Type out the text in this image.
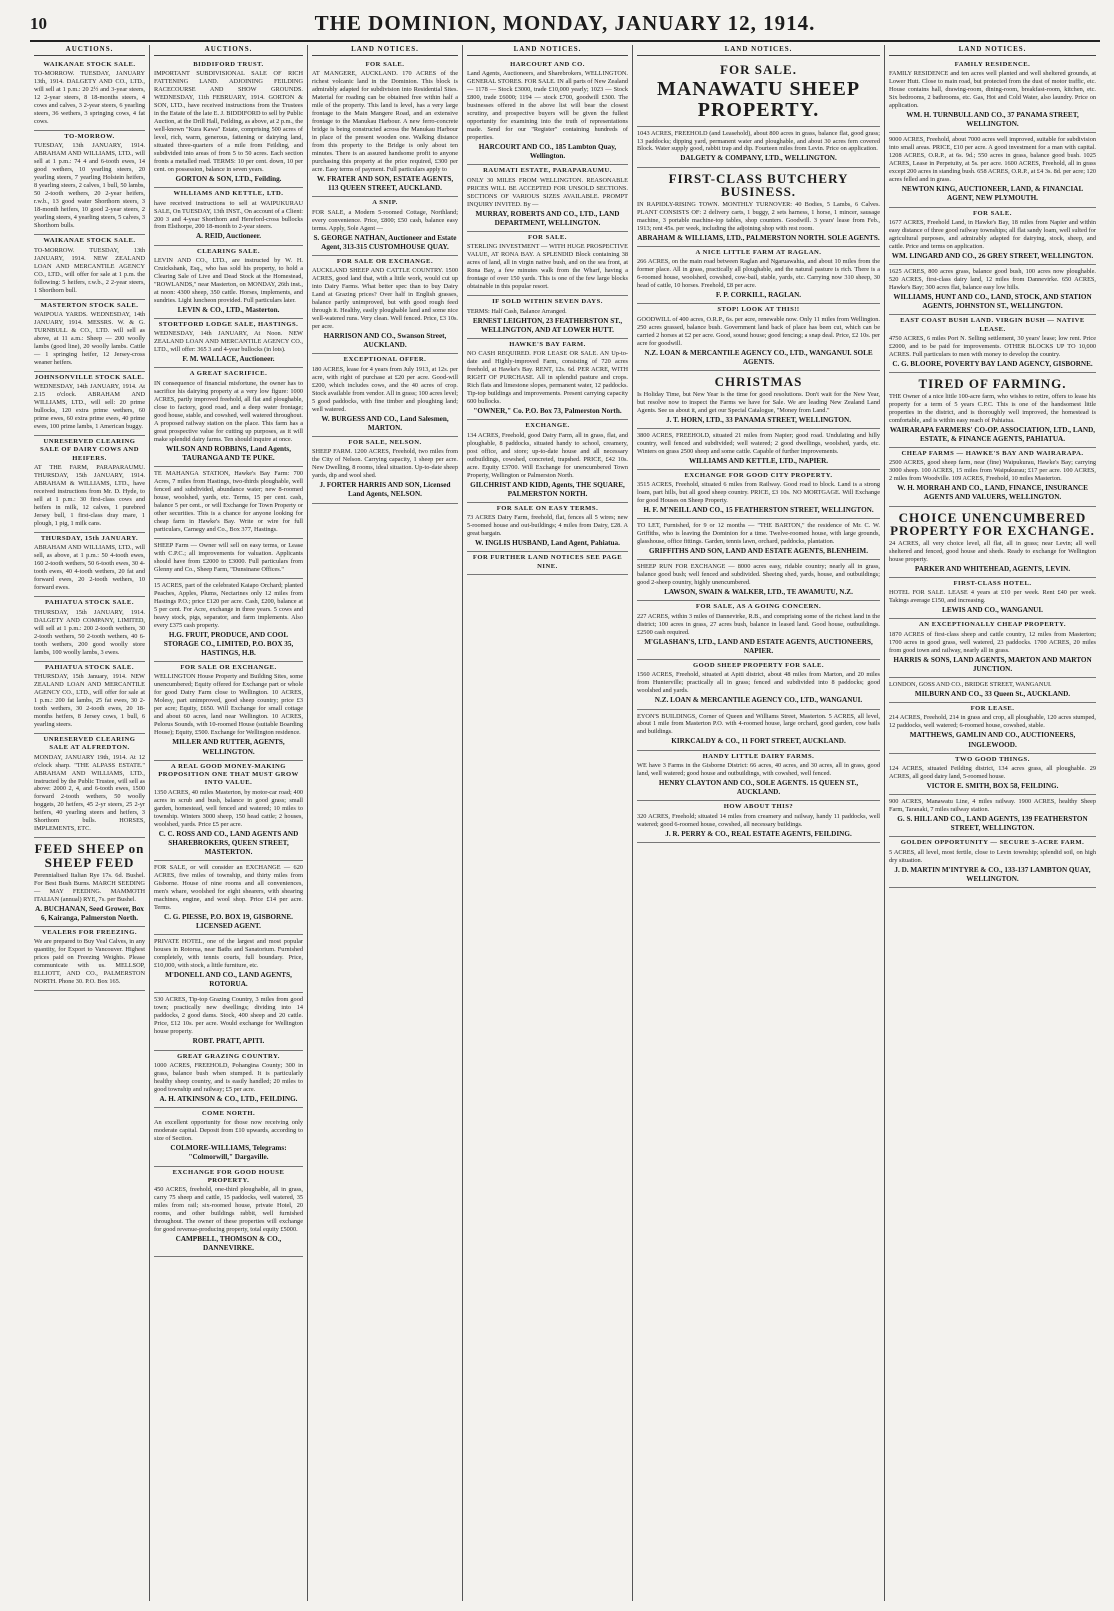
10	THE DOMINION, MONDAY, JANUARY 12, 1914.
AUCTIONS.
WAIKANAE STOCK SALE.
TO-MORROW. TUESDAY, JANUARY 13th, 1914. DALGETY AND CO., LTD., will sell at 1 p.m.: 20 2½ and 3-year steers, 12 2-year steers, 8 18-months steers, 4 cows and calves, 3 2-year steers, 6 yearling steers, 36 wethers, 3 springing cows, 4 fat cows.
TO-MORROW.
TUESDAY, 13th JANUARY, 1914. ABRAHAM AND WILLIAMS, LTD., will sell at 1 p.m.: 74 4 and 6-tooth ewes, 14 good wethers, 10 yearling steers, 20 yearling steers, 7 yearling Holstein heifers, 8 yearling steers, 2 calves, 1 bull, 50 lambs, 50 2-tooth wethers, 20 2-year heifers, r.w.b., 13 good water Shorthorn steers, 3 18-month heifers, 10 good 2-year steers, 2 yearling steers, 4 yearling steers, 5 calves, 3 Shorthorn bulls.
WAIKANAE STOCK SALE.
TO-MORROW. TUESDAY, 13th JANUARY, 1914. NEW ZEALAND LOAN AND MERCANTILE AGENCY CO., LTD., will offer for sale at 1 p.m. the following: 5 heifers, r.w.b., 2 2-year steers, 1 Shorthorn bull.
MASTERTON STOCK SALE.
WAIPOUA YARDS. WEDNESDAY, 14th JANUARY, 1914. MESSRS. W. & G. TURNBULL & CO., LTD. will sell as above, at 11 a.m.: Sheep — 200 woolly lambs (good line), 20 woolly lambs. Cattle — 1 springing heifer, 12 Jersey-cross weaner heifers.
JOHNSONVILLE STOCK SALE.
WEDNESDAY, 14th JANUARY, 1914. At 2.15 o'clock. ABRAHAM AND WILLIAMS, LTD., will sell: 20 prime bullocks, 120 extra prime wethers, 60 prime ewes, 60 extra prime ewes, 40 prime ewes, 100 prime lambs, 1 American buggy.
UNRESERVED CLEARING SALE OF DAIRY COWS AND HEIFERS.
AT THE FARM, PARAPARAUMU. THURSDAY, 15th JANUARY, 1914. ABRAHAM & WILLIAMS, LTD., have received instructions from Mr. D. Hyde, to sell at 1 p.m.: 30 first-class cows and heifers in milk, 12 calves, 1 purebred Jersey bull, 1 first-class dray mare, 1 plough, 1 pig, 1 milk cans.
THURSDAY, 15th JANUARY.
ABRAHAM AND WILLIAMS, LTD., will sell, as above, at 1 p.m.: 50 4-tooth ewes, 160 2-tooth wethers, 50 6-tooth ewes, 30 4-tooth ewes, 40 4-tooth wethers, 20 fat and forward ewes, 20 2-tooth wethers, 10 forward ewes.
PAHIATUA STOCK SALE.
THURSDAY, 15th JANUARY, 1914. DALGETY AND COMPANY, LIMITED, will sell at 1 p.m.: 200 2-tooth wethers, 30 2-tooth wethers, 50 2-tooth wethers, 40 6-tooth wethers, 200 good woolly store lambs, 100 woolly lambs, 3 ewes.
PAHIATUA STOCK SALE.
THURSDAY, 15th January, 1914. NEW ZEALAND LOAN AND MERCANTILE AGENCY CO., LTD., will offer for sale at 1 p.m.: 200 fat lambs, 25 fat ewes, 30 2-tooth wethers, 30 2-tooth ewes, 20 18-months heifers, 8 Jersey cows, 1 bull, 6 yearling steers.
UNRESERVED CLEARING SALE AT ALFREDTON.
MONDAY, JANUARY 19th, 1914. At 12 o'clock sharp. "THE ALPASS ESTATE." ABRAHAM AND WILLIAMS, LTD., instructed by the Public Trustee, will sell as above: 2000 2, 4, and 6-tooth ewes, 1500 forward 2-tooth wethers, 50 woolly hoggets, 20 heifers, 45 2-yr steers, 25 2-yr heifers, 40 yearling steers and heifers, 3 Shorthorn bulls. HORSES, IMPLEMENTS, ETC.
FEED SHEEP on SHEEP FEED
Perennialised Italian Rye 17s. 6d. Bushel. For Best Bush Burns. MARCH SEEDING — MAY FEEDING. MAMMOTH ITALIAN (annual) RYE, 7s. per Bushel.
A. BUCHANAN, Seed Grower, Box 6, Kairanga, Palmerston North.
VEALERS FOR FREEZING.
We are prepared to Buy Veal Calves, in any quantity, for Export to Vancouver. Highest prices paid on Freezing Weights. Please communicate with us. MELLSOP, ELLIOTT, AND CO., PALMERSTON NORTH. Phone 30. P.O. Box 165.
AUCTIONS.
BIDDIFORD TRUST.
IMPORTANT SUBDIVISIONAL SALE OF RICH FATTENING LAND. ADJOINING FEILDING RACECOURSE AND SHOW GROUNDS. WEDNESDAY, 11th FEBRUARY, 1914. GORTON & SON, LTD., have received instructions from the Trustees in the Estate of the late E. J. BIDDIFORD to sell by Public Auction, at the Drill Hall, Feilding, as above, at 2 p.m., the well-known "Kura Kawa" Estate, comprising 500 acres of level, rich, warm, generous, fattening or dairying land, situated three-quarters of a mile from Feilding, and subdivided into areas of from 5 to 50 acres. Each section fronts a metalled road. TERMS: 10 per cent. down, 10 per cent. on possession, balance in seven years.
GORTON & SON, LTD., Feilding.
WILLIAMS AND KETTLE, LTD.
have received instructions to sell at WAIPUKURAU SALE, On TUESDAY, 13th INST., On account of a Client: 200 3 and 4-year Shorthorn and Hereford-cross bullocks from Elsthorpe, 200 18-month to 2-year steers.
A. REID, Auctioneer.
CLEARING SALE.
LEVIN AND CO., LTD., are instructed by W. H. Cruickshank, Esq., who has sold his property, to hold a Clearing Sale of Live and Dead Stock at the Homestead, "ROWLANDS," near Masterton, on MONDAY, 26th inst., at noon: 4300 sheep, 350 cattle. Horses, implements, and sundries. Light luncheon provided. Full particulars later.
LEVIN & CO., LTD., Masterton.
STORTFORD LODGE SALE, HASTINGS.
WEDNESDAY, 14th JANUARY, At Noon. NEW ZEALAND LOAN AND MERCANTILE AGENCY CO., LTD., will offer: 365 3 and 4-year bullocks (in lots).
F. M. WALLACE, Auctioneer.
A GREAT SACRIFICE.
IN consequence of financial misfortune, the owner has to sacrifice his dairying property at a very low figure: 1000 ACRES, partly improved freehold, all flat and ploughable, close to factory, good road, and a deep water frontage; good house, stable, and cowshed, well watered throughout. A proposed railway station on the place. This farm has a great prospective value for cutting up purposes, as it will make splendid dairy farms. Ten should inquire at once.
WILSON AND ROBBINS, Land Agents, TAURANGA AND TE PUKE.
TE MAHANGA STATION, Hawke's Bay Farm: 700 Acres, 7 miles from Hastings, two-thirds ploughable, well fenced and subdivided, abundance water; new 8-roomed house, woolshed, yards, etc. Terms, 15 per cent. cash, balance 5 per cent., or will Exchange for Town Property or other securities. This is a chance for anyone looking for cheap farm in Hawke's Bay. Write or wire for full particulars, Carnegy and Co., Box 377, Hastings.
SHEEP Farm — Owner will sell on easy terms, or Lease with C.P.C.; all improvements for valuation. Applicants should have from £2000 to £3000. Full particulars from Glenny and Co., Sheep Farm, "Dunsinane Offices."
15 ACRES, part of the celebrated Kaiapo Orchard; planted Peaches, Apples, Plums, Nectarines only 12 miles from Hastings P.O.; price £120 per acre. Cash, £200, balance at 5 per cent. For Acre, exchange in three years. 5 cows and heavy stock, pigs, separator, and farm implements. Also every £375 cash property.
H.G. FRUIT, PRODUCE, AND COOL STORAGE CO., LIMITED, P.O. BOX 35, HASTINGS, H.B.
FOR SALE OR EXCHANGE.
WELLINGTON House Property and Building Sites, some unencumbered; Equity offered for Exchange part or whole for good Dairy Farm close to Wellington. 10 ACRES, Molesy, part unimproved, good sheep country; price £3 per acre; Equity, £650. Will Exchange for small cottage and about 60 acres, land near Wellington. 10 ACRES, Pelorus Sounds, with 10-roomed House (suitable Boarding House); Equity, £500. Exchange for Wellington residence.
MILLER AND RUTTER, AGENTS, WELLINGTON.
A REAL GOOD MONEY-MAKING PROPOSITION ONE THAT MUST GROW INTO VALUE.
1350 ACRES, 40 miles Masterton, by motor-car road; 400 acres in scrub and bush, balance in good grass; small garden, homestead, well fenced and watered; 10 miles to township. Winters 3000 sheep, 150 head cattle; 2 houses, woolshed, yards. Price £5 per acre.
C. C. ROSS AND CO., LAND AGENTS AND SHAREBROKERS, QUEEN STREET, MASTERTON.
FOR SALE, or will consider an EXCHANGE — 620 ACRES, five miles of township, and thirty miles from Gisborne. House of nine rooms and all conveniences, men's whare, woolshed for eight shearers, with shearing machines, engine, and wool shop. Price £14 per acre. Terms.
C. G. PIESSE, P.O. BOX 19, GISBORNE. LICENSED AGENT.
PRIVATE HOTEL, one of the largest and most popular houses in Rotorua, near Baths and Sanatorium. Furnished completely, with tennis courts, full boundary. Price, £10,000, with stock, a little furniture, etc.
M'DONELL AND CO., LAND AGENTS, ROTORUA.
530 ACRES, Tip-top Grazing Country, 3 miles from good town; practically new dwellings; dividing into 14 paddocks, 2 good dams. Stock, 400 sheep and 20 cattle. Price, £12 10s. per acre. Would exchange for Wellington house property.
ROBT. PRATT, APITI.
GREAT GRAZING COUNTRY.
1000 ACRES, FREEHOLD, Pohangina County; 300 in grass, balance bush when stumped. It is particularly healthy sheep country, and is easily handled; 20 miles to good township and railway; £5 per acre.
A. H. ATKINSON & CO., LTD., FEILDING.
COME NORTH.
An excellent opportunity for those now receiving only moderate capital. Deposit from £10 upwards, according to size of Section.
COLMORE-WILLIAMS, Telegrams: "Colmorwill," Dargaville.
EXCHANGE FOR GOOD HOUSE PROPERTY.
450 ACRES, freehold, one-third ploughable, all in grass, carry 75 sheep and cattle, 15 paddocks, well watered, 35 miles from rail; six-roomed house, private Hotel, 20 rooms, and other buildings rabbit, well furnished throughout. The owner of these properties will exchange for good revenue-producing property, total equity £5000.
CAMPBELL, THOMSON & CO., DANNEVIRKE.
LAND NOTICES.
FOR SALE.
AT MANGERE, AUCKLAND. 170 ACRES of the richest volcanic land in the Dominion. This block is admirably adapted for subdivision into Residential Sites. Material for roading can be obtained free within half a mile of the property. This land is level, has a very large frontage to the Main Mangere Road, and an extensive frontage to the Manukau Harbour. A new ferro-concrete bridge is being constructed across the Manukau Harbour in place of the present wooden one. Walking distance from this property to the Bridge is only about ten minutes. There is an assured handsome profit to anyone purchasing this property at the price required, £300 per acre. Easy terms of payment. Full particulars apply to
W. FRATER AND SON, ESTATE AGENTS, 113 QUEEN STREET, AUCKLAND.
A SNIP.
FOR SALE, a Modern 5-roomed Cottage, Northland; every convenience. Price, £800; £50 cash, balance easy terms. Apply, Sole Agent —
S. GEORGE NATHAN, Auctioneer and Estate Agent, 313-315 CUSTOMHOUSE QUAY.
FOR SALE OR EXCHANGE.
AUCKLAND SHEEP AND CATTLE COUNTRY. 1500 ACRES, good land that, with a little work, would cut up into Dairy Farms. What better spec than to buy Dairy Land at Grazing prices? Over half in English grasses, balance partly unimproved, but with good rough feed through it. Healthy, easily ploughable land and some nice well-watered runs. Very clean. Well fenced. Price, £3 10s. per acre.
HARRISON AND CO., Swanson Street, AUCKLAND.
EXCEPTIONAL OFFER.
180 ACRES, lease for 4 years from July 1913, at 12s. per acre, with right of purchase at £20 per acre. Good-will £200, which includes cows, and the 40 acres of crop. Stock available from vendor. All in grass; 100 acres level; 5 good paddocks, with fine timber and ploughing land; well watered.
W. BURGESS AND CO., Land Salesmen, MARTON.
FOR SALE, NELSON.
SHEEP FARM. 1200 ACRES, Freehold, two miles from the City of Nelson. Carrying capacity, 1 sheep per acre. New Dwelling, 8 rooms, ideal situation. Up-to-date sheep yards, dip and wool shed.
J. FORTER HARRIS AND SON, Licensed Land Agents, NELSON.
LAND NOTICES.
HARCOURT AND CO.
Land Agents, Auctioneers, and Sharebrokers, WELLINGTON. GENERAL STORES. FOR SALE. IN all parts of New Zealand — 1178 — Stock £3000, trade £10,000 yearly; 1023 — Stock £800, trade £6000; 1194 — stock £700, goodwill £300. The businesses offered in the above list will bear the closest scrutiny, and prospective buyers will be given the fullest opportunity for examining into the truth of representations made. Send for our "Register" containing hundreds of properties.
HARCOURT AND CO., 185 Lambton Quay, Wellington.
RAUMATI ESTATE, PARAPARAUMU.
ONLY 30 MILES FROM WELLINGTON. REASONABLE PRICES WILL BE ACCEPTED FOR UNSOLD SECTIONS. SECTIONS OF VARIOUS SIZES AVAILABLE. PROMPT INQUIRY INVITED. By —
MURRAY, ROBERTS AND CO., LTD., LAND DEPARTMENT, WELLINGTON.
FOR SALE.
STERLING INVESTMENT — WITH HUGE PROSPECTIVE VALUE, AT RONA BAY. A SPLENDID Block containing 38 acres of land, all in virgin native bush, and on the sea front, at Rona Bay, a few minutes walk from the Wharf, having a frontage of over 150 yards. This is one of the few large blocks obtainable in this popular resort.
IF SOLD WITHIN SEVEN DAYS.
TERMS: Half Cash, Balance Arranged.
ERNEST LEIGHTON, 23 FEATHERSTON ST., WELLINGTON, AND AT LOWER HUTT.
HAWKE'S BAY FARM.
NO CASH REQUIRED. FOR LEASE OR SALE. AN Up-to-date and Highly-improved Farm, consisting of 720 acres freehold, at Hawke's Bay. RENT, 12s. 6d. PER ACRE, WITH RIGHT OF PURCHASE. All in splendid pasture and crops. Rich flats and limestone slopes, permanent water, 12 paddocks. Tip-top buildings and improvements. Present carrying capacity 600 bullocks.
"OWNER," Co. P.O. Box 73, Palmerston North.
EXCHANGE.
134 ACRES, Freehold, good Dairy Farm, all in grass, flat, and ploughable, 8 paddocks, situated handy to school, creamery, post office, and store; up-to-date house and all necessary outbuildings, cowshed, concreted, trapshed. PRICE, £42 10s. acre. Equity £3700. Will Exchange for unencumbered Town Property, Wellington or Palmerston North.
GILCHRIST AND KIDD, Agents, THE SQUARE, PALMERSTON NORTH.
FOR SALE ON EASY TERMS.
73 ACRES Dairy Farm, freehold, flat, fences all 5 wires; new 5-roomed house and out-buildings; 4 miles from Dairy, £28. A great bargain.
W. INGLIS HUSBAND, Land Agent, Pahiatua.
FOR FURTHER LAND NOTICES SEE PAGE NINE.
LAND NOTICES.
FOR SALE.
MANAWATU SHEEP PROPERTY.
1043 ACRES, FREEHOLD (and Leasehold), about 800 acres in grass, balance flat, good grass; 13 paddocks; dipping yard, permanent water and ploughable, and about 30 acres fern covered Block. Water supply good, rabbit trap and dip. Fourteen miles from Levin. Price on application.
DALGETY & COMPANY, LTD., WELLINGTON.
FIRST-CLASS BUTCHERY BUSINESS.
IN RAPIDLY-RISING TOWN. MONTHLY TURNOVER: 40 Bodies, 5 Lambs, 6 Calves. PLANT CONSISTS OF: 2 delivery carts, 1 buggy, 2 sets harness, 1 horse, 1 mincer, sausage machine, 3 portable machine-top tables, shop counters. Goodwill. 3 years' lease from Feb., 1913; rent 45s. per week, including the adjoining shop with rest room.
ABRAHAM & WILLIAMS, LTD., PALMERSTON NORTH. SOLE AGENTS.
A NICE LITTLE FARM AT RAGLAN.
266 ACRES, on the main road between Raglan and Ngaruawahia, and about 10 miles from the former place. All in grass, practically all ploughable, and the natural pasture is rich. There is a 6-roomed house, woolshed, cowshed, cow-bail, stable, yards, etc. Carrying now 310 sheep, 30 head of cattle, 10 horses. Freehold, £8 per acre.
F. P. CORKILL, RAGLAN.
STOP! LOOK AT THIS!!
GOODWILL of 400 acres, O.R.P., 6s. per acre, renewable now. Only 11 miles from Wellington. 250 acres grassed, balance bush. Government land back of place has been cut, which can be carried 2 horses at £2 per acre. Good, sound house; good fencing; a snap deal. Price, £2 10s. per acre for goodwill.
N.Z. LOAN & MERCANTILE AGENCY CO., LTD., WANGANUI. SOLE AGENTS.
CHRISTMAS
Is Holiday Time, but New Year is the time for good resolutions. Don't wait for the New Year, but resolve now to inspect the Farms we have for Sale. We are leading New Zealand Land Agents. See us about it, and get our Special Catalogue, "Money from Land."
J. T. HORN, LTD., 33 PANAMA STREET, WELLINGTON.
3800 ACRES, FREEHOLD, situated 21 miles from Napier; good road. Undulating and hilly country, well fenced and subdivided; well watered; 2 good dwellings, woolshed, yards, etc. Winters on grass 2500 sheep and some cattle. Capable of further improvements.
WILLIAMS AND KETTLE, LTD., NAPIER.
EXCHANGE FOR GOOD CITY PROPERTY.
3515 ACRES, Freehold, situated 6 miles from Railway. Good road to block. Land is a strong loam, part hills, but all good sheep country. PRICE, £3 10s. NO MORTGAGE. Will Exchange for good Houses on Sheep Property.
H. F. M'NEILL AND CO., 15 FEATHERSTON STREET, WELLINGTON.
TO LET, Furnished, for 9 or 12 months — "THE BARTON," the residence of Mr. C. W. Griffiths, who is leaving the Dominion for a time. Twelve-roomed house, with large grounds, glasshouse, office fittings. Garden, tennis lawn, orchard, paddocks, plantation.
GRIFFITHS AND SON, LAND AND ESTATE AGENTS, BLENHEIM.
SHEEP RUN FOR EXCHANGE — 8000 acres easy, ridable country; nearly all in grass, balance good bush; well fenced and subdivided. Sheeing shed, yards, house, and outbuildings; good 2-sheep country, highly unencumbered.
LAWSON, SWAIN & WALKER, LTD., TE AWAMUTU, N.Z.
FOR SALE, AS A GOING CONCERN.
227 ACRES, within 3 miles of Dannevirke, R.B., and comprising some of the richest land in the district; 100 acres in grass, 27 acres bush, balance in leased land. Good house, outbuildings. £2500 cash required.
M'GLASHAN'S, LTD., LAND AND ESTATE AGENTS, AUCTIONEERS, NAPIER.
GOOD SHEEP PROPERTY FOR SALE.
1560 ACRES, Freehold, situated at Apiti district, about 48 miles from Marton, and 20 miles from Hunterville; practically all in grass; fenced and subdivided into 8 paddocks; good woolshed and yards.
N.Z. LOAN & MERCANTILE AGENCY CO., LTD., WANGANUI.
EYON'S BUILDINGS, Corner of Queen and Williams Street, Masterton. 5 ACRES, all level, about 1 mile from Masterton P.O. with 4-roomed house, large orchard, good garden, cow bails and buildings.
KIRKCALDY & CO., 11 FORT STREET, AUCKLAND.
HANDY LITTLE DAIRY FARMS.
WE have 3 Farms in the Gisborne District: 66 acres, 40 acres, and 30 acres, all in grass, good land, well watered; good house and outbuildings, with cowshed, well fenced.
HENRY CLAYTON AND CO., SOLE AGENTS. 15 QUEEN ST., AUCKLAND.
HOW ABOUT THIS?
320 ACRES, Freehold; situated 14 miles from creamery and railway, handy 11 paddocks, well watered; good 6-roomed house, cowshed, all necessary buildings.
J. R. PERRY & CO., REAL ESTATE AGENTS, FEILDING.
LAND NOTICES.
FAMILY RESIDENCE.
FAMILY RESIDENCE and ten acres well planted and well sheltered grounds, at Lower Hutt. Close to main road, but protected from the dust of motor traffic, etc. House contains hall, drawing-room, dining-room, breakfast-room, kitchen, etc. Six bedrooms, 2 bathrooms, etc. Gas, Hot and Cold Water, also laundry. Price on application.
WM. H. TURNBULL AND CO., 37 PANAMA STREET, WELLINGTON.
9000 ACRES, Freehold, about 7000 acres well improved, suitable for subdivision into small areas. PRICE, £10 per acre. A good investment for a man with capital. 1208 ACRES, O.R.P., at 6s. 9d.; 550 acres in grass, balance good bush. 1025 ACRES, Lease in Perpetuity, at 5s. per acre. 1600 ACRES, Freehold, all in grass except 200 acres in standing bush. 658 ACRES, O.R.P., at £4 3s. 8d. per acre; 120 acres felled and in grass.
NEWTON KING, AUCTIONEER, LAND, & FINANCIAL AGENT, NEW PLYMOUTH.
FOR SALE.
1677 ACRES, Freehold Land, in Hawke's Bay, 18 miles from Napier and within easy distance of three good railway townships; all flat sandy loam, well sulted for agricultural purposes, and admirably adapted for dairying, stock, sheep, and cattle. Price and terms on application.
WM. LINGARD AND CO., 26 GREY STREET, WELLINGTON.
1625 ACRES, 800 acres grass, balance good bush, 100 acres now ploughable. 520 ACRES, first-class dairy land, 12 miles from Dannevirke. 650 ACRES, Hawke's Bay; 300 acres flat, balance easy low hills.
WILLIAMS, HUNT AND CO., LAND, STOCK, AND STATION AGENTS, JOHNSTON ST., WELLINGTON.
EAST COAST BUSH LAND. VIRGIN BUSH — NATIVE LEASE.
4750 ACRES, 6 miles Port N. Selling settlement, 30 years' lease; low rent. Price £2000, and to be paid for improvements. OTHER BLOCKS UP TO 10,000 ACRES. Full particulars to men with money to develop the country.
C. G. BLOORE, POVERTY BAY LAND AGENCY, GISBORNE.
TIRED OF FARMING.
THE Owner of a nice little 100-acre farm, who wishes to retire, offers to lease his property for a term of 5 years C.P.C. This is one of the handsomest little properties in the district, and is thoroughly well improved, the homestead is comfortable, and is within easy reach of Pahiatua.
WAIRARAPA FARMERS' CO-OP. ASSOCIATION, LTD., LAND, ESTATE, & FINANCE AGENTS, PAHIATUA.
CHEAP FARMS — HAWKE'S BAY AND WAIRARAPA.
2500 ACRES, good sheep farm, near (fine) Waipukurau, Hawke's Bay; carrying 3000 sheep. 100 ACRES, 15 miles from Waipukurau; £17 per acre. 100 ACRES, 2 miles from Woodville. 109 ACRES, Freehold, 10 miles Masterton.
W. H. MORRAH AND CO., LAND, FINANCE, INSURANCE AGENTS AND VALUERS, WELLINGTON.
CHOICE UNENCUMBERED PROPERTY FOR EXCHANGE.
24 ACRES, all very choice level, all flat, all in grass; near Levin; all well sheltered and fenced, good house and sheds. Ready to exchange for Wellington house property.
PARKER AND WHITEHEAD, AGENTS, LEVIN.
FIRST-CLASS HOTEL.
HOTEL FOR SALE. LEASE 4 years at £10 per week. Rent £40 per week. Takings average £150, and increasing.
LEWIS AND CO., WANGANUI.
AN EXCEPTIONALLY CHEAP PROPERTY.
1870 ACRES of first-class sheep and cattle country, 12 miles from Masterton; 1700 acres in good grass, well watered, 23 paddocks. 1700 ACRES, 20 miles from good town and railway, nearly all in grass.
HARRIS & SONS, LAND AGENTS, MARTON AND MARTON JUNCTION.
LONDON, GOSS AND CO., BRIDGE STREET, WANGANUI.
MILBURN AND CO., 33 Queen St., AUCKLAND.
FOR LEASE.
214 ACRES, Freehold, 214 in grass and crop, all ploughable, 120 acres stumped, 12 paddocks, well watered; 6-roomed house, cowshed, stable.
MATTHEWS, GAMLIN AND CO., AUCTIONEERS, INGLEWOOD.
TWO GOOD THINGS.
124 ACRES, situated Feilding district, 134 acres grass, all ploughable. 29 ACRES, all good dairy land, 5-roomed house.
VICTOR E. SMITH, BOX 58, FEILDING.
900 ACRES, Manawatu Line, 4 miles railway. 1900 ACRES, healthy Sheep Farm, Taranaki, 7 miles railway station.
G. S. HILL AND CO., LAND AGENTS, 139 FEATHERSTON STREET, WELLINGTON.
GOLDEN OPPORTUNITY — SECURE 3-ACRE FARM.
5 ACRES, all level, most fertile, close to Levin township; splendid soil, on high dry situation.
J. D. MARTIN M'INTYRE & CO., 133-137 LAMBTON QUAY, WELLINGTON.
